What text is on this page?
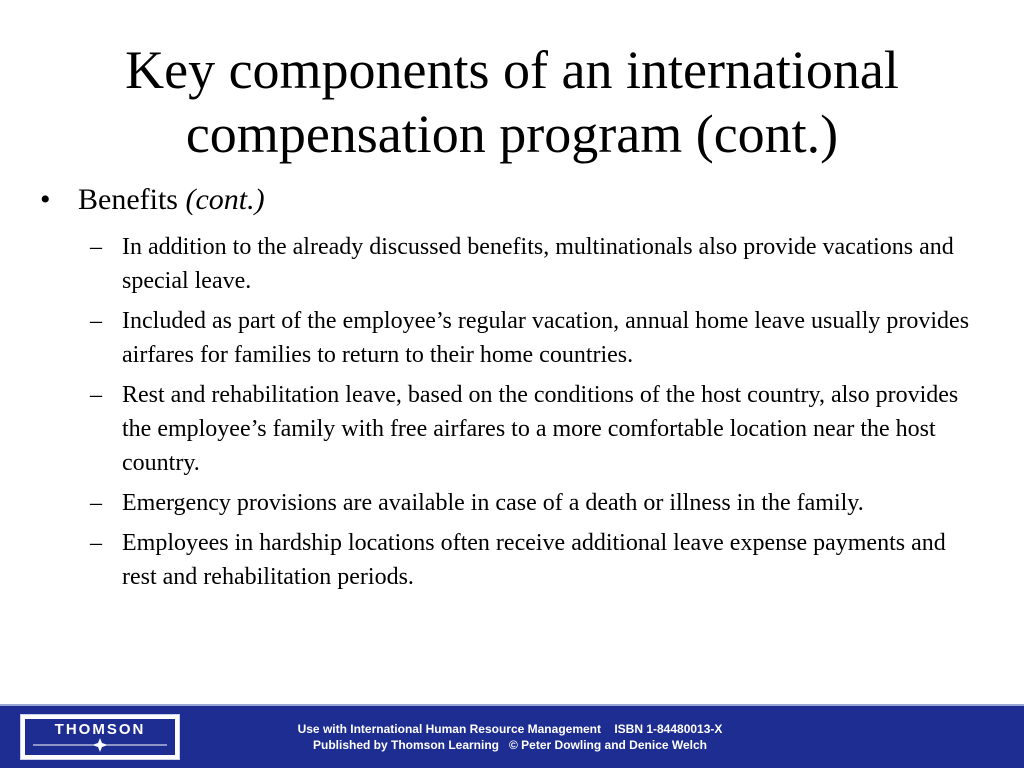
Key components of an international
compensation program (cont.)
• Benefits (cont.)
– In addition to the already discussed benefits, multinationals also provide vacations and special leave.
– Included as part of the employee’s regular vacation, annual home leave usually provides airfares for families to return to their home countries.
– Rest and rehabilitation leave, based on the conditions of the host country, also provides the employee’s family with free airfares to a more comfortable location near the host country.
– Emergency provisions are available in case of a death or illness in the family.
– Employees in hardship locations often receive additional leave expense payments and rest and rehabilitation periods.
THOMSON	Use with International Human Resource Management    ISBN 1-84480013-X
Published by Thomson Learning   © Peter Dowling and Denice Welch
